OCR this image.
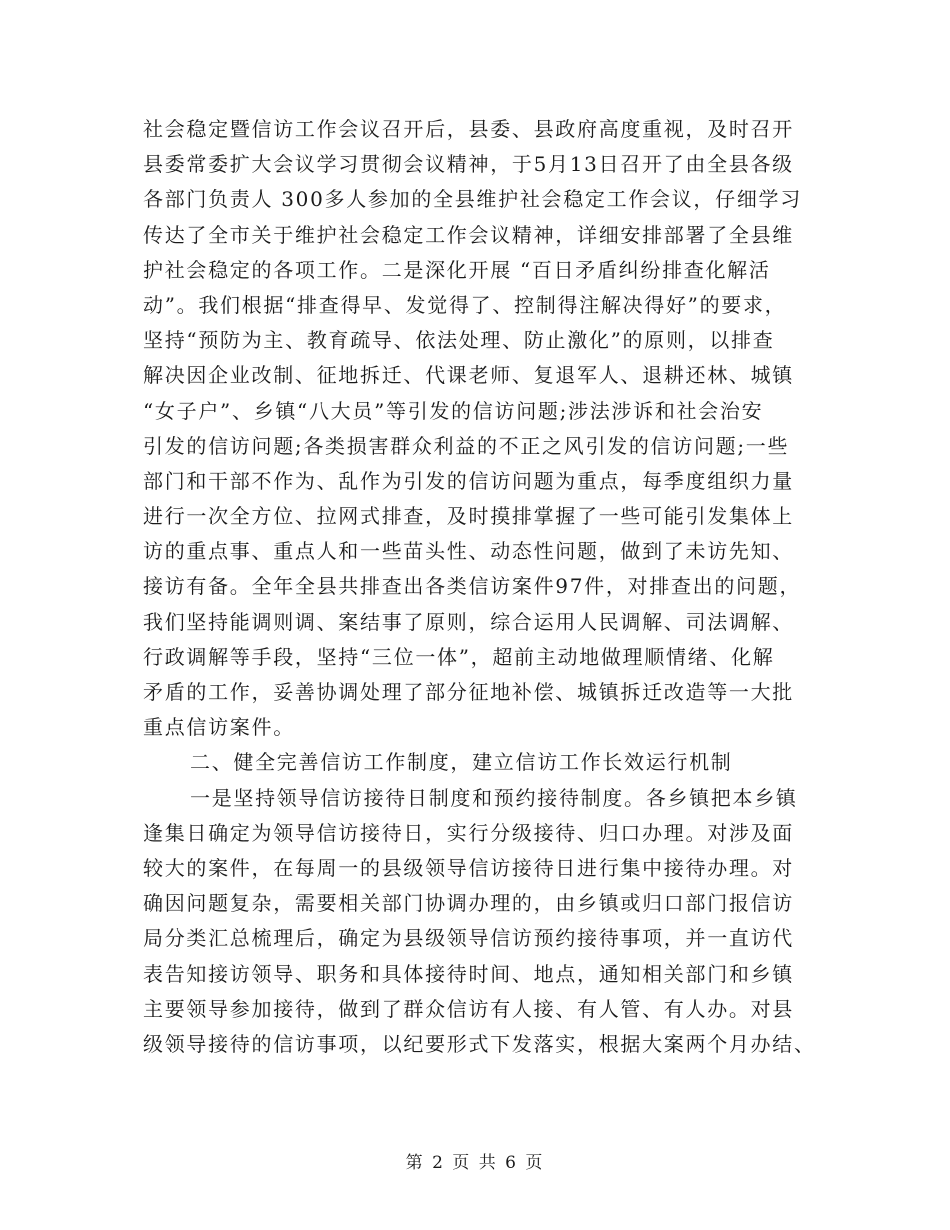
社会稳定暨信访工作会议召开后，县委、县政府高度重视，及时召开
县委常委扩大会议学习贯彻会议精神，于5月13日召开了由全县各级
各部门负责人 300多人参加的全县维护社会稳定工作会议，仔细学习
传达了全市关于维护社会稳定工作会议精神，详细安排部署了全县维
护社会稳定的各项工作。二是深化开展 “百日矛盾纠纷排查化解活
动”。我们根据“排查得早、发觉得了、控制得注解决得好”的要求，
坚持“预防为主、教育疏导、依法处理、防止激化”的原则，以排查
解决因企业改制、征地拆迁、代课老师、复退军人、退耕还林、城镇
“女子户”、乡镇“八大员”等引发的信访问题;涉法涉诉和社会治安
引发的信访问题;各类损害群众利益的不正之风引发的信访问题;一些
部门和干部不作为、乱作为引发的信访问题为重点，每季度组织力量
进行一次全方位、拉网式排查，及时摸排掌握了一些可能引发集体上
访的重点事、重点人和一些苗头性、动态性问题，做到了未访先知、
接访有备。全年全县共排查出各类信访案件97件，对排查出的问题，
我们坚持能调则调、案结事了原则，综合运用人民调解、司法调解、
行政调解等手段，坚持“三位一体”，超前主动地做理顺情绪、化解
矛盾的工作，妥善协调处理了部分征地补偿、城镇拆迁改造等一大批
重点信访案件。
二、健全完善信访工作制度，建立信访工作长效运行机制
一是坚持领导信访接待日制度和预约接待制度。各乡镇把本乡镇
逢集日确定为领导信访接待日，实行分级接待、归口办理。对涉及面
较大的案件，在每周一的县级领导信访接待日进行集中接待办理。对
确因问题复杂，需要相关部门协调办理的，由乡镇或归口部门报信访
局分类汇总梳理后，确定为县级领导信访预约接待事项，并一直访代
表告知接访领导、职务和具体接待时间、地点，通知相关部门和乡镇
主要领导参加接待，做到了群众信访有人接、有人管、有人办。对县
级领导接待的信访事项，以纪要形式下发落实，根据大案两个月办结、
第 2 页 共 6 页
